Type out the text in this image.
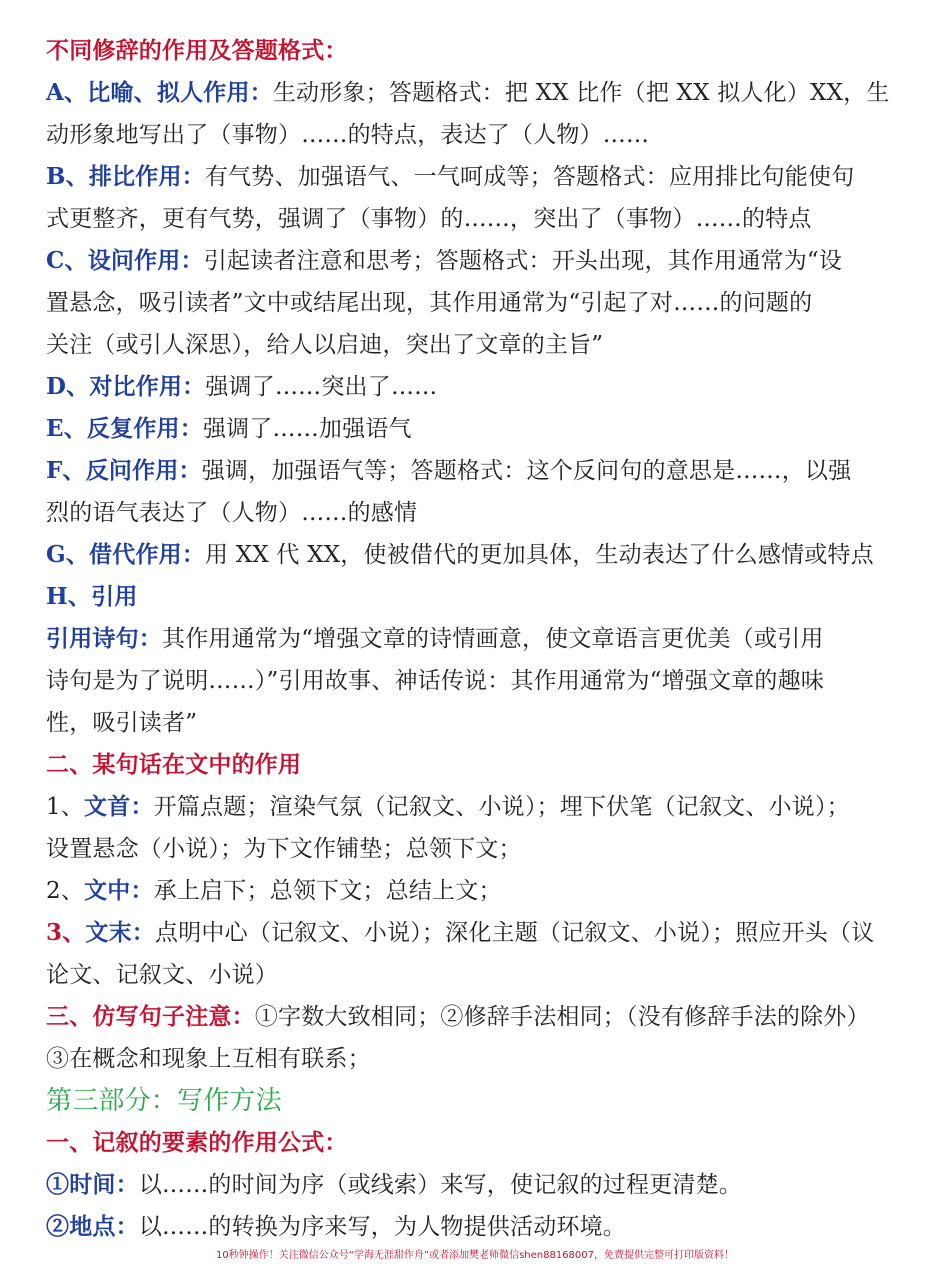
不同修辞的作用及答题格式：
A、比喻、拟人作用：生动形象；答题格式：把 XX 比作（把 XX 拟人化）XX，生
动形象地写出了（事物）……的特点，表达了（人物）……
B、排比作用：有气势、加强语气、一气呵成等；答题格式：应用排比句能使句
式更整齐，更有气势，强调了（事物）的……，突出了（事物）……的特点
C、设问作用：引起读者注意和思考；答题格式：开头出现，其作用通常为“设
置悬念，吸引读者”文中或结尾出现，其作用通常为“引起了对……的问题的
关注（或引人深思），给人以启迪，突出了文章的主旨”
D、对比作用：强调了……突出了……
E、反复作用：强调了……加强语气
F、反问作用：强调，加强语气等；答题格式：这个反问句的意思是……，以强
烈的语气表达了（人物）……的感情
G、借代作用：用 XX 代 XX，使被借代的更加具体，生动表达了什么感情或特点
H、引用
引用诗句：其作用通常为“增强文章的诗情画意，使文章语言更优美（或引用
诗句是为了说明……）”引用故事、神话传说：其作用通常为“增强文章的趣味
性，吸引读者”
二、某句话在文中的作用
1、文首：开篇点题；渲染气氛（记叙文、小说）；埋下伏笔（记叙文、小说）；
设置悬念（小说）；为下文作铺垫；总领下文；
2、文中：承上启下；总领下文；总结上文；
3、文末：点明中心（记叙文、小说）；深化主题（记叙文、小说）；照应开头（议
论文、记叙文、小说）
三、仿写句子注意：①字数大致相同；②修辞手法相同；（没有修辞手法的除外）
③在概念和现象上互相有联系；
第三部分：写作方法
一、记叙的要素的作用公式：
①时间：以……的时间为序（或线索）来写，使记叙的过程更清楚。
②地点：以……的转换为序来写，为人物提供活动环境。
10秒钟操作！关注微信公众号“学海无涯甜作舟”或者添加樊老师微信shen88168007，免费提供完整可打印版资料！
